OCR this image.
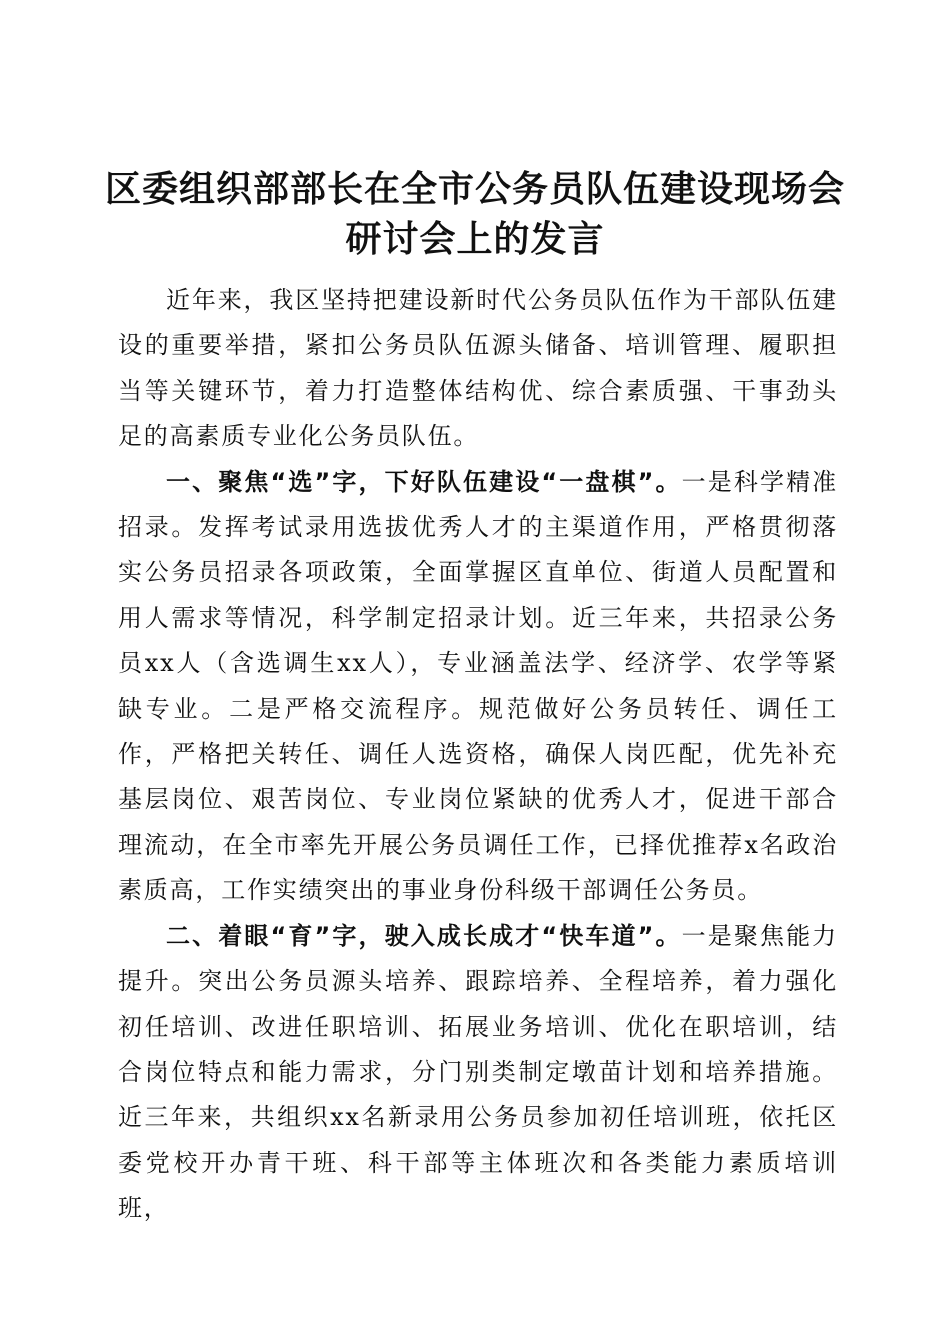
区委组织部部长在全市公务员队伍建设现场会
研讨会上的发言

近年来，我区坚持把建设新时代公务员队伍作为干部队伍建设的重要举措，紧扣公务员队伍源头储备、培训管理、履职担当等关键环节，着力打造整体结构优、综合素质强、干事劲头足的高素质专业化公务员队伍。

一、聚焦“选”字，下好队伍建设“一盘棋”。一是科学精准招录。发挥考试录用选拔优秀人才的主渠道作用，严格贯彻落实公务员招录各项政策，全面掌握区直单位、街道人员配置和用人需求等情况，科学制定招录计划。近三年来，共招录公务员xx人（含选调生xx人），专业涵盖法学、经济学、农学等紧缺专业。二是严格交流程序。规范做好公务员转任、调任工作，严格把关转任、调任人选资格，确保人岗匹配，优先补充基层岗位、艰苦岗位、专业岗位紧缺的优秀人才，促进干部合理流动，在全市率先开展公务员调任工作，已择优推荐x名政治素质高，工作实绩突出的事业身份科级干部调任公务员。

二、着眼“育”字，驶入成长成才“快车道”。一是聚焦能力提升。突出公务员源头培养、跟踪培养、全程培养，着力强化初任培训、改进任职培训、拓展业务培训、优化在职培训，结合岗位特点和能力需求，分门别类制定墩苗计划和培养措施。近三年来，共组织xx名新录用公务员参加初任培训班，依托区委党校开办青干班、科干部等主体班次和各类能力素质培训班，
